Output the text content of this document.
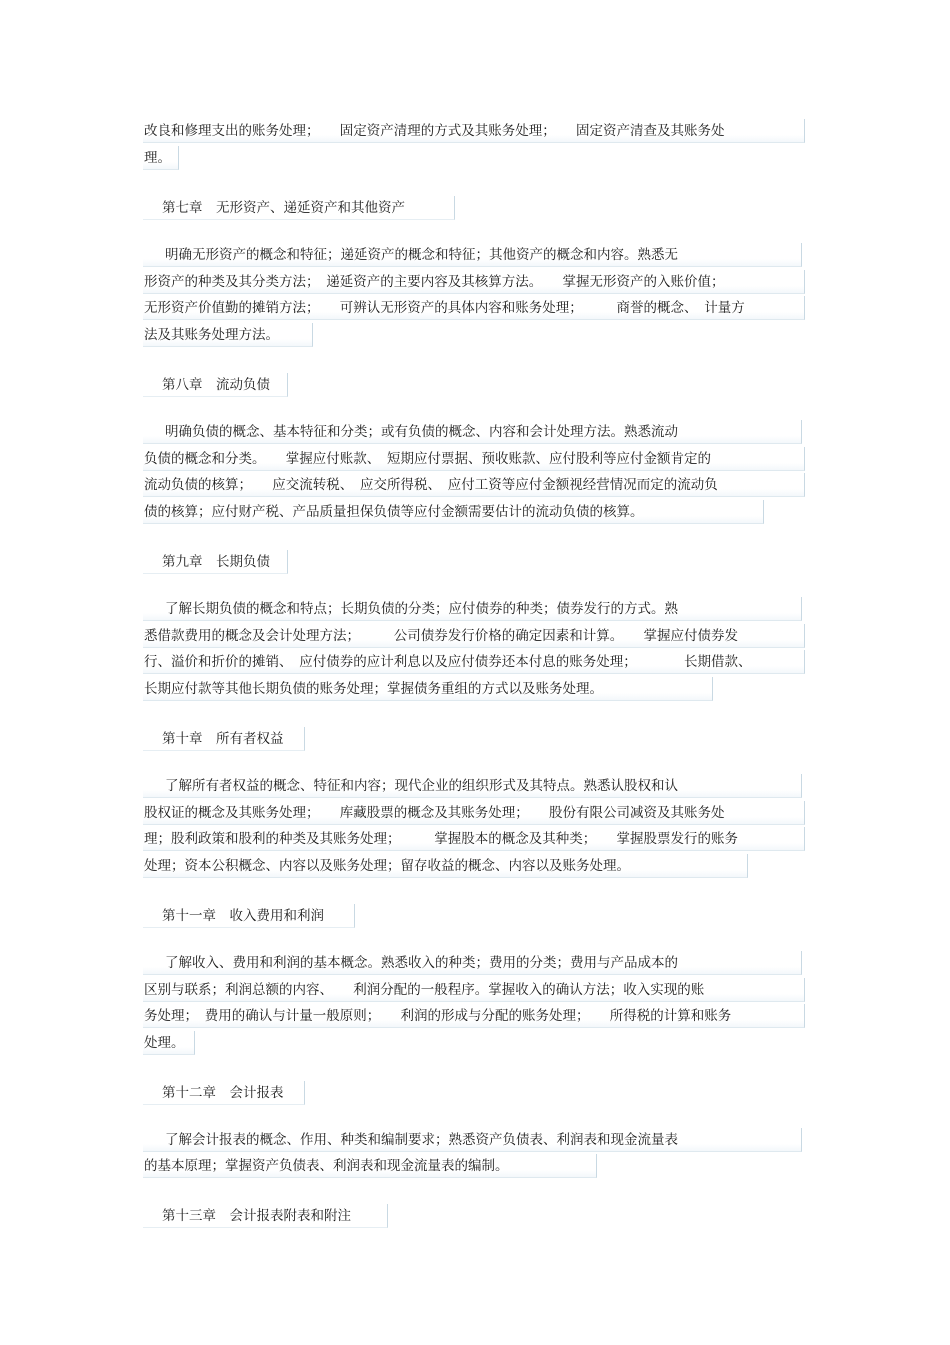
改良和修理支出的账务处理；　　固定资产清理的方式及其账务处理；　　固定资产清查及其账务处
理。
第七章　无形资产、递延资产和其他资产
明确无形资产的概念和特征；递延资产的概念和特征；其他资产的概念和内容。熟悉无
形资产的种类及其分类方法；　递延资产的主要内容及其核算方法。　　掌握无形资产的入账价值；
无形资产价值勤的摊销方法；　　可辨认无形资产的具体内容和账务处理；　　　商誉的概念、　计量方
法及其账务处理方法。
第八章　流动负债
明确负债的概念、基本特征和分类；或有负债的概念、内容和会计处理方法。熟悉流动
负债的概念和分类。　　掌握应付账款、　短期应付票据、预收账款、应付股利等应付金额肯定的
流动负债的核算；　　应交流转税、　应交所得税、　应付工资等应付金额视经营情况而定的流动负
债的核算；应付财产税、产品质量担保负债等应付金额需要估计的流动负债的核算。
第九章　长期负债
了解长期负债的概念和特点；长期负债的分类；应付债券的种类；债券发行的方式。熟
悉借款费用的概念及会计处理方法；　　　公司债券发行价格的确定因素和计算。　　掌握应付债券发
行、溢价和折价的摊销、　应付债券的应计利息以及应付债券还本付息的账务处理；　　　　长期借款、
长期应付款等其他长期负债的账务处理；掌握债务重组的方式以及账务处理。
第十章　所有者权益
了解所有者权益的概念、特征和内容；现代企业的组织形式及其特点。熟悉认股权和认
股权证的概念及其账务处理；　　库藏股票的概念及其账务处理；　　股份有限公司减资及其账务处
理；股利政策和股利的种类及其账务处理；　　　掌握股本的概念及其种类；　　掌握股票发行的账务
处理；资本公积概念、内容以及账务处理；留存收益的概念、内容以及账务处理。
第十一章　收入费用和利润
了解收入、费用和利润的基本概念。熟悉收入的种类；费用的分类；费用与产品成本的
区别与联系；利润总额的内容、　　利润分配的一般程序。掌握收入的确认方法；收入实现的账
务处理；　费用的确认与计量一般原则；　　利润的形成与分配的账务处理；　　所得税的计算和账务
处理。
第十二章　会计报表
了解会计报表的概念、作用、种类和编制要求；熟悉资产负债表、利润表和现金流量表
的基本原理；掌握资产负债表、利润表和现金流量表的编制。
第十三章　会计报表附表和附注
